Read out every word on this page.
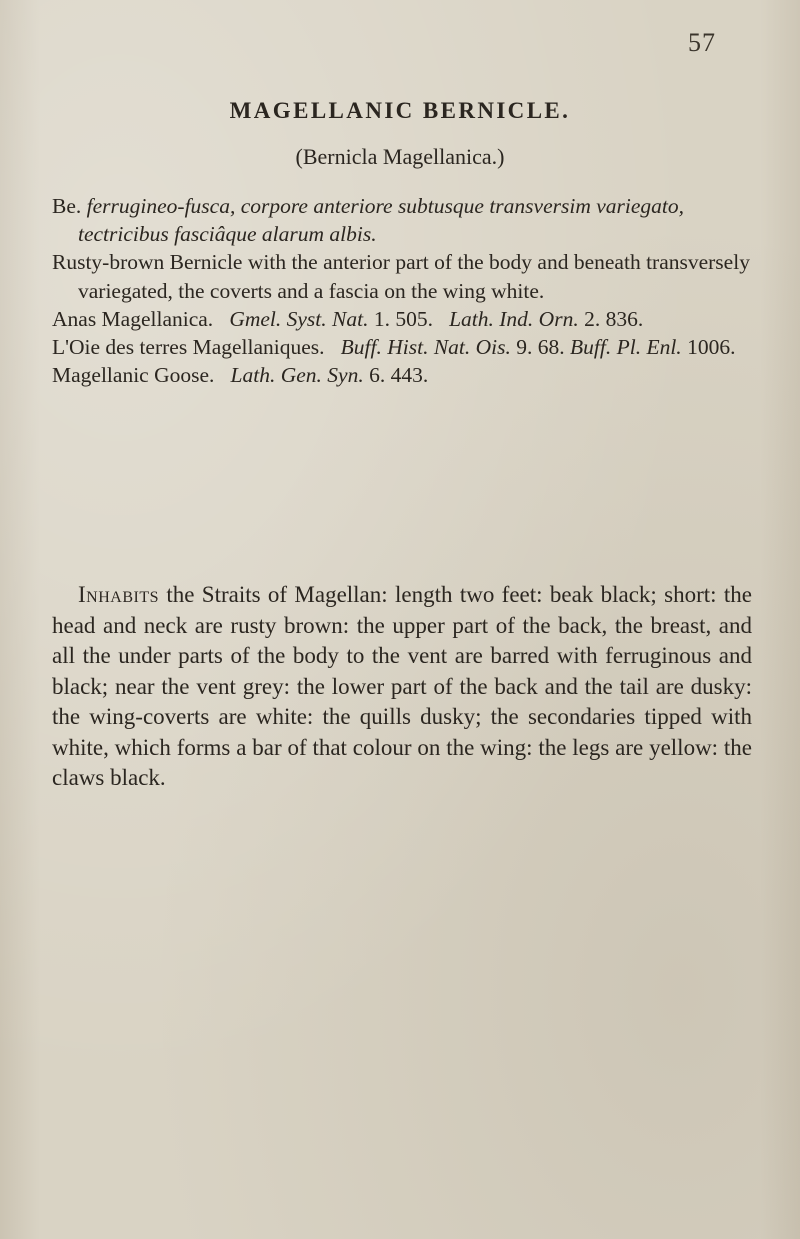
57
MAGELLANIC BERNICLE.
(Bernicla Magellanica.)
Be. ferrugineo-fusca, corpore anteriore subtusque transversim variegato, tectricibus fasciâque alarum albis.
Rusty-brown Bernicle with the anterior part of the body and beneath transversely variegated, the coverts and a fascia on the wing white.
Anas Magellanica. Gmel. Syst. Nat. 1. 505. Lath. Ind. Orn. 2. 836.
L'Oie des terres Magellaniques. Buff. Hist. Nat. Ois. 9. 68. Buff. Pl. Enl. 1006.
Magellanic Goose. Lath. Gen. Syn. 6. 443.
Inhabits the Straits of Magellan: length two feet: beak black; short: the head and neck are rusty brown: the upper part of the back, the breast, and all the under parts of the body to the vent are barred with ferruginous and black; near the vent grey: the lower part of the back and the tail are dusky: the wing-coverts are white: the quills dusky; the secondaries tipped with white, which forms a bar of that colour on the wing: the legs are yellow: the claws black.
